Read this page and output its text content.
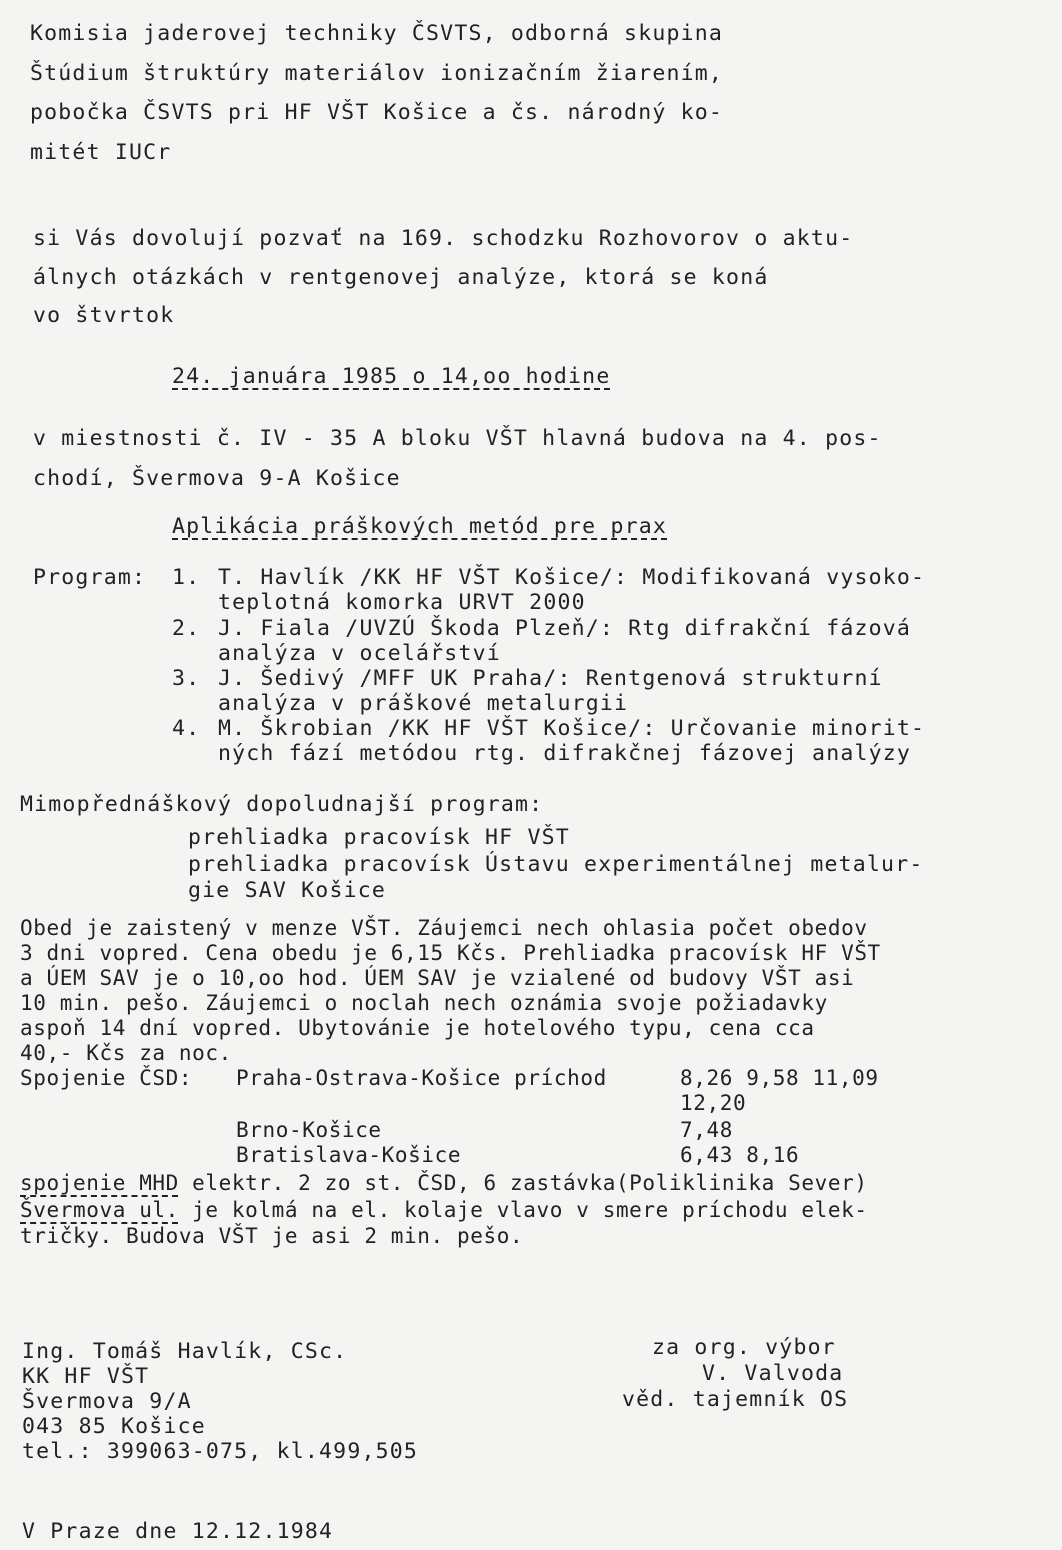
Komisia jaderovej techniky ČSVTS, odborná skupina
Štúdium štruktúry materiálov ionizačním žiarením,
pobočka ČSVTS pri HF VŠT Košice a čs. národný ko-
mitét IUCr
si Vás dovolují pozvať na 169. schodzku Rozhovorov o aktu-
álnych otázkách v rentgenovej analýze, ktorá se koná
vo štvrtok
24. januára 1985 o 14,oo hodine
v miestnosti č. IV - 35 A bloku VŠT hlavná budova na 4. pos-
chodí, Švermova 9-A Košice
Aplikácia práškových metód pre prax
Program: 1. T. Havlík /KK HF VŠT Košice/: Modifikovaná vysoko-
teplotná komorka URVT 2000
2. J. Fiala /UVZÚ Škoda Plzeň/: Rtg difrakční fázová
analýza v ocelářství
3. J. Šedivý /MFF UK Praha/: Rentgenová strukturní
analýza v práškové metalurgii
4. M. Škrobian /KK HF VŠT Košice/: Určovanie minorit-
ných fází metódou rtg. difrakčnej fázovej analýzy
Mimopřednáškový dopoludnajší program:
prehliadka pracovísk HF VŠT
prehliadka pracovísk Ústavu experimentálnej metalur-
gie SAV Košice
Obed je zaistený v menze VŠT. Záujemci nech ohlasia počet obedov
3 dni vopred. Cena obedu je 6,15 Kčs. Prehliadka pracovísk HF VŠT
a ÚEM SAV je o 10,oo hod. ÚEM SAV je vzialené od budovy VŠT asi
10 min. pešo. Záujemci o noclah nech oznámia svoje požiadavky
aspoň 14 dní vopred. Ubytovánie je hotelového typu, cena cca
40,- Kčs za noc.
Spojenie ČSD: Praha-Ostrava-Košice príchod	8,26 9,58 11,09
12,20
Brno-Košice	7,48
Bratislava-Košice	6,43 8,16
spojenie MHD elektr. 2 zo st. ČSD, 6 zastávka(Poliklinika Sever)
Švermova ul. je kolmá na el. kolaje vlavo v smere príchodu elek-
tričky. Budova VŠT je asi 2 min. pešo.
Ing. Tomáš Havlík, CSc.
KK HF VŠT
Švermova 9/A
043 85 Košice
tel.: 399063-075, kl.499,505
za org. výbor
V. Valvoda
věd. tajemník OS
V Praze dne 12.12.1984
